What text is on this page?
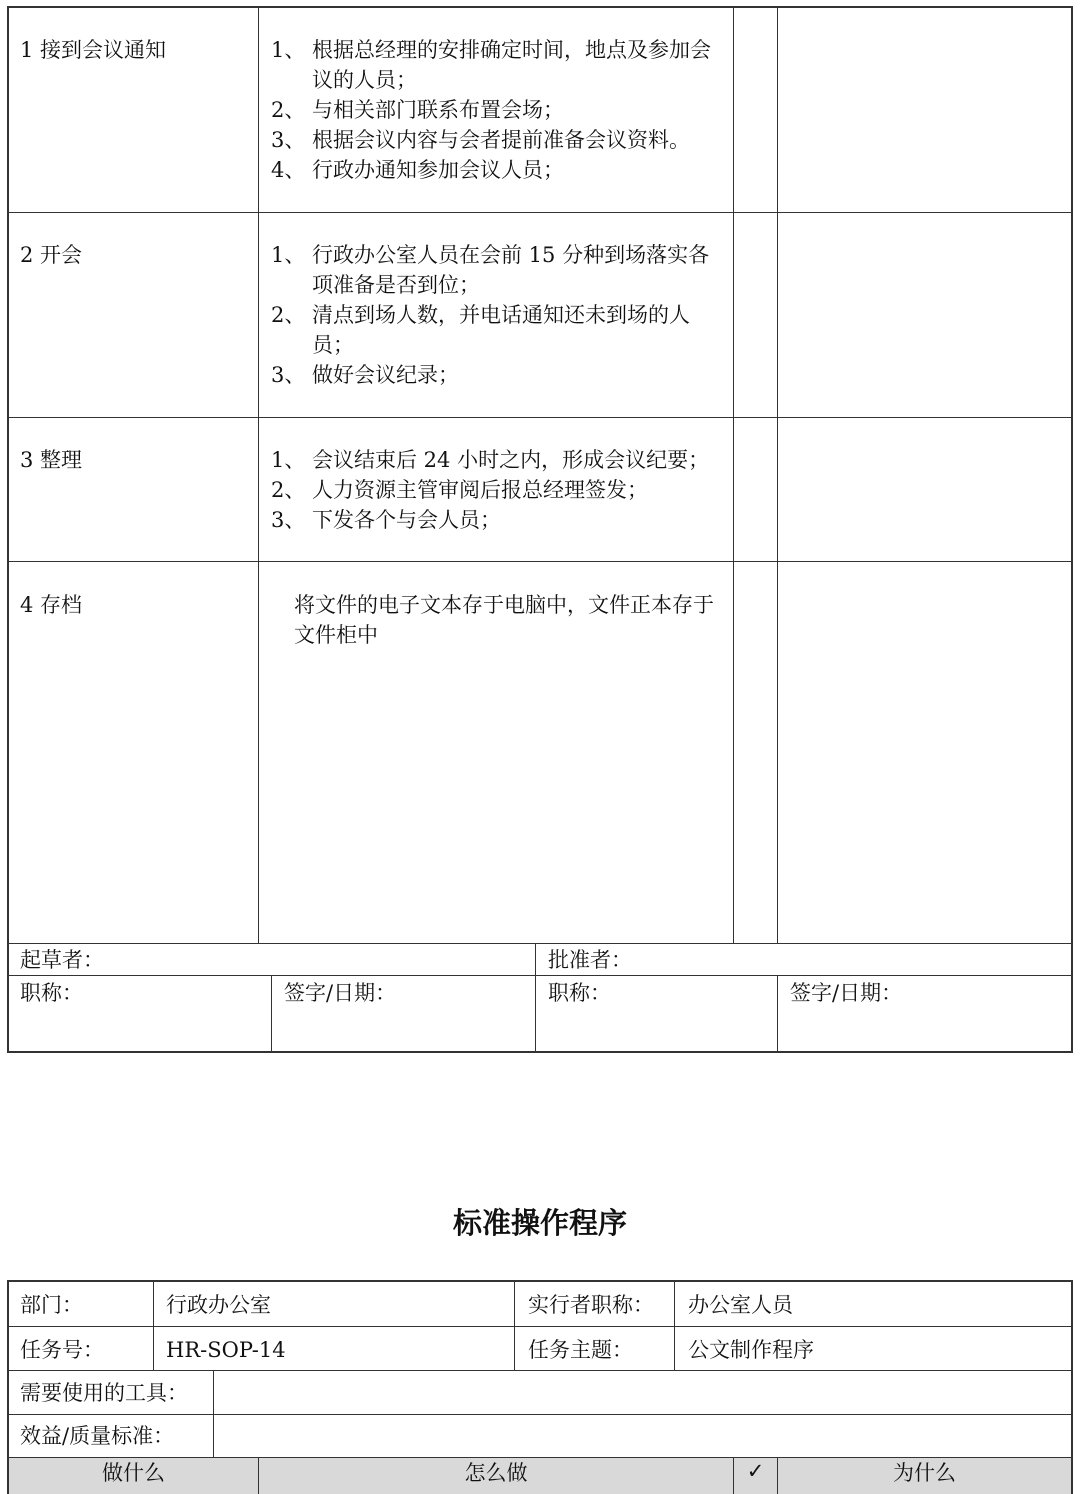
1 接到会议通知	1、 根据总经理的安排确定时间，地点及参加会议的人员；
2、 与相关部门联系布置会场；
3、 根据会议内容与会者提前准备会议资料。
4、 行政办通知参加会议人员；
2 开会	1、 行政办公室人员在会前 15 分种到场落实各项准备是否到位；
2、 清点到场人数，并电话通知还未到场的人员；
3、 做好会议纪录；
3 整理	1、 会议结束后 24 小时之内，形成会议纪要；
2、 人力资源主管审阅后报总经理签发；
3、 下发各个与会人员；
4 存档	将文件的电子文本存于电脑中，文件正本存于文件柜中
起草者：	批准者：
职称：	签字/日期：	职称：	签字/日期：
标准操作程序
部门：	行政办公室	实行者职称： 办公室人员
任务号：	HR-SOP-14	任务主题：	公文制作程序
需要使用的工具：
效益/质量标准：
做什么	怎么做	✓	为什么
